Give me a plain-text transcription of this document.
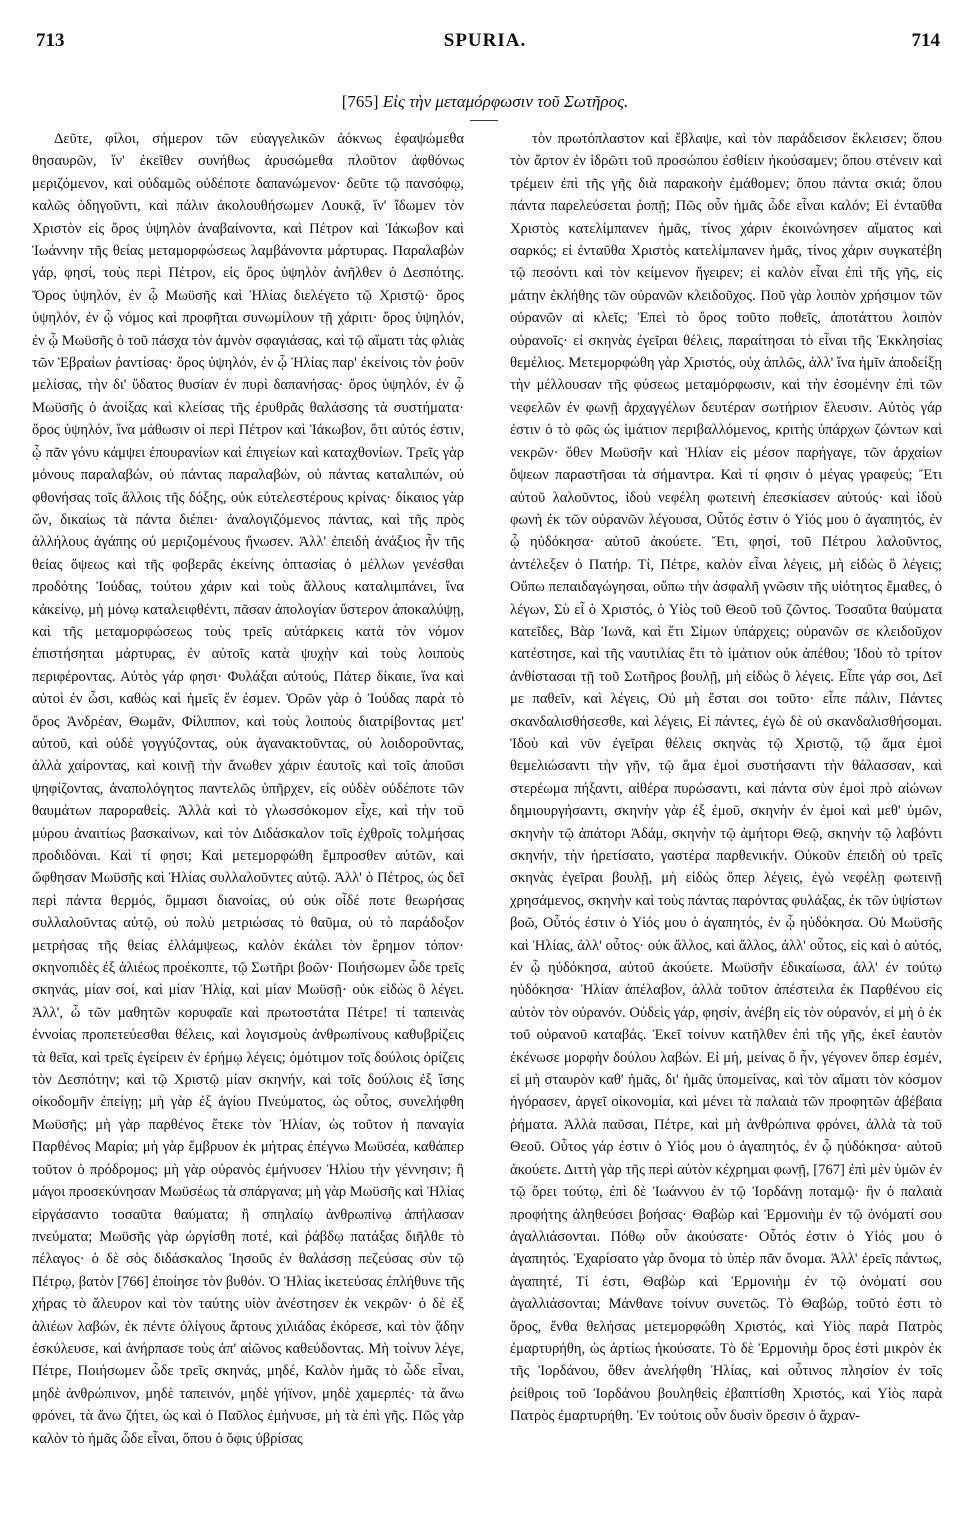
713	SPURIA.	714
[765] Εἰς τὴν μεταμόρφωσιν τοῦ Σωτῆρος.

Δεῦτε, φίλοι, σήμερον τῶν εὐαγγελικῶν ἀόκνως ἐφαψώμεθα θησαυρῶν, ἵν' ἐκεῖθεν συνήθως ἀρυσώμεθα πλοῦτον ἀφθόνως μεριζόμενον, καὶ οὐδαμῶς οὐδέποτε δαπανώμενον· δεῦτε τῷ πανσόφῳ, καλῶς ὁδηγοῦντι, καὶ πάλιν ἀκολουθήσωμεν Λουκᾷ, ἵν' ἴδωμεν τὸν Χριστὸν εἰς ὄρος ὑψηλὸν ἀναβαίνοντα, καὶ Πέτρον καὶ Ἰάκωβον καὶ Ἰωάννην τῆς θείας μεταμορφώσεως λαμβάνοντα μάρτυρας. Παραλαβὼν γάρ, φησί, τοὺς περὶ Πέτρον, εἰς ὄρος ὑψηλὸν ἀνῆλθεν ὁ Δεσπότης. Ὄρος ὑψηλόν, ἐν ᾧ Μωϋσῆς καὶ Ἠλίας διελέγετο τῷ Χριστῷ· ὄρος ὑψηλόν, ἐν ᾧ νόμος καὶ προφῆται συνωμίλουν τῇ χάριτι· ὄρος ὑψηλόν, ἐν ᾧ Μωϋσῆς ὁ τοῦ πάσχα τὸν ἀμνὸν σφαγιάσας, καὶ τῷ αἵματι τὰς φλιὰς τῶν Ἑβραίων ῥαντίσας· ὄρος ὑψηλόν, ἐν ᾧ Ἠλίας παρ' ἐκείνοις τὸν ῥοῦν μελίσας, τὴν δι' ὕδατος θυσίαν ἐν πυρὶ δαπανήσας· ὄρος ὑψηλόν, ἐν ᾧ Μωϋσῆς ὁ ἀνοίξας καὶ κλείσας τῆς ἐρυθρᾶς θαλάσσης τὰ συστήματα· ὄρος ὑψηλόν, ἵνα μάθωσιν οἱ περὶ Πέτρον καὶ Ἰάκωβον, ὅτι αὐτός ἐστιν, ᾧ πᾶν γόνυ κάμψει ἐπουρανίων καὶ ἐπιγείων καὶ καταχθονίων. Τρεῖς γὰρ μόνους παραλαβών, οὐ πάντας παραλαβών, οὐ πάντας καταλιπών, οὐ φθονήσας τοῖς ἄλλοις τῆς δόξης, οὐκ εὐτελεστέρους κρίνας· δίκαιος γὰρ ὤν, δικαίως τὰ πάντα διέπει· ἀναλογιζόμενος πάντας, καὶ τῆς πρὸς ἀλλήλους ἀγάπης οὐ μεριζομένους ἤνωσεν. Ἀλλ' ἐπειδὴ ἀνάξιος ἦν τῆς θείας ὄψεως καὶ τῆς φοβερᾶς ἐκείνης ὀπτασίας ὁ μέλλων γενέσθαι προδότης Ἰούδας, τούτου χάριν καὶ τοὺς ἄλλους καταλιμπάνει, ἵνα κἀκείνῳ, μὴ μόνῳ καταλειφθέντι, πᾶσαν ἀπολογίαν ὕστερον ἀποκαλύψῃ, καὶ τῆς μεταμορφώσεως τοὺς τρεῖς αὐτάρκεις κατὰ τὸν νόμον ἐπιστήσηται μάρτυρας, ἐν αὐτοῖς κατὰ ψυχὴν καὶ τοὺς λοιποὺς περιφέροντας. Αὐτὸς γάρ φησι· Φυλάξαι αὐτούς, Πάτερ δίκαιε, ἵνα καὶ αὐτοὶ ἐν ὦσι, καθὼς καὶ ἡμεῖς ἕν ἐσμεν. Ὁρῶν γὰρ ὁ Ἰούδας παρὰ τὸ ὄρος Ἀνδρέαν, Θωμᾶν, Φίλιππον, καὶ τοὺς λοιποὺς διατρίβοντας μετ' αὐτοῦ, καὶ οὐδὲ γογγύζοντας, οὐκ ἀγανακτοῦντας, οὐ λοιδοροῦντας, ἀλλὰ χαίροντας, καὶ κοινῇ τὴν ἄνωθεν χάριν ἑαυτοῖς καὶ τοῖς ἀποῦσι ψηφίζοντας, ἀναπολόγητος παντελῶς ὑπῆρχεν, εἰς οὐδὲν οὐδέποτε τῶν θαυμάτων παροραθείς. Ἀλλὰ καὶ τὸ γλωσσόκομον εἶχε, καὶ τὴν τοῦ μύρου ἀναιτίως βασκαίνων, καὶ τὸν Διδάσκαλον τοῖς ἐχθροῖς τολμήσας προδιδόναι. Καὶ τί φησι; Καὶ μετεμορφώθη ἔμπροσθεν αὐτῶν, καὶ ὤφθησαν Μωϋσῆς καὶ Ἠλίας συλλαλοῦντες αὐτῷ. Ἀλλ' ὁ Πέτρος, ὡς δεῖ περὶ πάντα θερμός, ὄμμασι διανοίας, οὐ οὐκ οἶδέ ποτε θεωρήσας συλλαλοῦντας αὐτῷ, οὐ πολὺ μετριώσας τὸ θαῦμα, οὐ τὸ παράδοξον μετρήσας τῆς θείας ἐλλάμψεως, καλὸν ἐκάλει τὸν ἔρημον τόπον· σκηνοπιδὲς ἐξ ἁλιέως προέκοπτε, τῷ Σωτῆρι βοῶν· Ποιήσωμεν ὧδε τρεῖς σκηνάς, μίαν σοί, καὶ μίαν Ἠλίᾳ, καὶ μίαν Μωϋσῇ· οὐκ εἰδὼς ὃ λέγει. Ἀλλ', ὦ τῶν μαθητῶν κορυφαῖε καὶ πρωτοστάτα Πέτρε! τί ταπεινὰς ἐννοίας προπετεύεσθαι θέλεις, καὶ λογισμοὺς ἀνθρωπίνους καθυβρίζεις τὰ θεῖα, καὶ τρεῖς ἐγείρειν ἐν ἐρήμῳ λέγεις; ὁμότιμον τοῖς δούλοις ὁρίζεις τὸν Δεσπότην; καὶ τῷ Χριστῷ μίαν σκηνήν, καὶ τοῖς δούλοις ἐξ ἴσης οἰκοδομῆν ἐπείγῃ; μὴ γὰρ ἐξ ἁγίου Πνεύματος, ὡς οὗτος, συνελήφθη Μωϋσῆς; μὴ γὰρ παρθένος ἔτεκε τὸν Ἠλίαν, ὡς τοῦτον ἡ παναγία Παρθένος Μαρία; μὴ γὰρ ἔμβρυον ἐκ μήτρας ἐπέγνω Μωϋσέα, καθάπερ τοῦτον ὁ πρόδρομος; μὴ γὰρ οὐρανὸς ἐμήνυσεν Ἠλίου τὴν γέννησιν; ἢ μάγοι προσεκύνησαν Μωϋσέως τὰ σπάργανα; μὴ γὰρ Μωϋσῆς καὶ Ἠλίας εἰργάσαντο τοσαῦτα θαύματα; ἢ σπηλαίῳ ἀνθρωπίνῳ ἀπήλασαν πνεύματα; Μωϋσῆς γὰρ ὠργίσθη ποτέ, καὶ ῥάβδῳ πατάξας διῆλθε τὸ πέλαγος· ὁ δὲ σὸς διδάσκαλος Ἰησοῦς ἐν θαλάσσῃ πεζεύσας σὺν τῷ Πέτρῳ, βατὸν [766] ἐποίησε τὸν βυθόν. Ὁ Ἠλίας ἱκετεύσας ἐπλήθυνε τῆς χήρας τὸ ἄλευρον καὶ τὸν ταύτης υἱὸν ἀνέστησεν ἐκ νεκρῶν· ὁ δὲ ἐξ ἁλιέων λαβών, ἐκ πέντε ὀλίγους ἄρτους χιλιάδας ἐκόρεσε, καὶ τὸν ᾅδην ἐσκύλευσε, καὶ ἀνήρπασε τοὺς ἀπ' αἰῶνος καθεύδοντας. Μὴ τοίνυν λέγε, Πέτρε, Ποιήσωμεν ὧδε τρεῖς σκηνάς, μηδέ, Καλὸν ἡμᾶς τὸ ὧδε εἶναι, μηδὲ ἀνθρώπινον, μηδὲ ταπεινόν, μηδὲ γήϊνον, μηδὲ χαμερπές· τὰ ἄνω φρόνει, τὰ ἄνω ζήτει, ὡς καὶ ὁ Παῦλος ἐμήνυσε, μὴ τὰ ἐπὶ γῆς. Πῶς γὰρ καλὸν τὸ ἡμᾶς ὧδε εἶναι, ὅπου ὁ ὄφις ὑβρίσας

τὸν πρωτόπλαστον καὶ ἔβλαψε, καὶ τὸν παράδεισον ἔκλεισεν; ὅπου τὸν ἄρτον ἐν ἱδρῶτι τοῦ προσώπου ἐσθίειν ἠκούσαμεν; ὅπου στένειν καὶ τρέμειν ἐπὶ τῆς γῆς διὰ παρακοὴν ἐμάθομεν; ὅπου πάντα σκιά; ὅπου πάντα παρελεύσεται ῥοπῇ; Πῶς οὖν ἡμᾶς ὧδε εἶναι καλόν; Εἰ ἐνταῦθα Χριστὸς κατελίμπανεν ἡμᾶς, τίνος χάριν ἐκοινώνησεν αἵματος καὶ σαρκός; εἰ ἐνταῦθα Χριστὸς κατελίμπανεν ἡμᾶς, τίνος χάριν συγκατέβη τῷ πεσόντι καὶ τὸν κείμενον ἤγειρεν; εἰ καλὸν εἶναι ἐπὶ τῆς γῆς, εἰς μάτην ἐκλήθης τῶν οὐρανῶν κλειδοῦχος. Ποῦ γὰρ λοιπὸν χρήσιμον τῶν οὐρανῶν αἱ κλεῖς; Ἐπεὶ τὸ ὄρος τοῦτο ποθεῖς, ἀποτάττου λοιπὸν οὐρανοῖς· εἰ σκηνὰς ἐγεῖραι θέλεις, παραίτησαι τὸ εἶναι τῆς Ἐκκλησίας θεμέλιος. Μετεμορφώθη γὰρ Χριστός, οὐχ ἁπλῶς, ἀλλ' ἵνα ἡμῖν ἀποδείξῃ τὴν μέλλουσαν τῆς φύσεως μεταμόρφωσιν, καὶ τὴν ἐσομένην ἐπὶ τῶν νεφελῶν ἐν φωνῇ ἀρχαγγέλων δευτέραν σωτήριον ἔλευσιν. Αὐτὸς γάρ ἐστιν ὁ τὸ φῶς ὡς ἱμάτιον περιβαλλόμενος, κριτὴς ὑπάρχων ζώντων καὶ νεκρῶν· ὅθεν Μωϋσῆν καὶ Ἠλίαν εἰς μέσον παρήγαγε, τῶν ἀρχαίων ὄψεων παραστῆσαι τὰ σήμαντρα. Καὶ τί φησιν ὁ μέγας γραφεύς; Ἔτι αὐτοῦ λαλοῦντος, ἰδοὺ νεφέλη φωτεινὴ ἐπεσκίασεν αὐτούς· καὶ ἰδοὺ φωνὴ ἐκ τῶν οὐρανῶν λέγουσα, Οὗτός ἐστιν ὁ Υἱός μου ὁ ἀγαπητός, ἐν ᾧ ηὐδόκησα· αὐτοῦ ἀκούετε. Ἔτι, φησί, τοῦ Πέτρου λαλοῦντος, ἀντέλεξεν ὁ Πατήρ. Τί, Πέτρε, καλὸν εἶναι λέγεις, μὴ εἰδὼς ὃ λέγεις; Οὔπω πεπαιδαγώγησαι, οὔπω τὴν ἀσφαλῆ γνῶσιν τῆς υἱότητος ἔμαθες, ὁ λέγων, Σὺ εἶ ὁ Χριστός, ὁ Υἱὸς τοῦ Θεοῦ τοῦ ζῶντος. Τοσαῦτα θαύματα κατεῖδες, Βὰρ Ἰωνᾶ, καὶ ἔτι Σίμων ὑπάρχεις; οὐρανῶν σε κλειδοῦχον κατέστησε, καὶ τῆς ναυτιλίας ἔτι τὸ ἱμάτιον οὐκ ἀπέθου; Ἰδοὺ τὸ τρίτον ἀνθίστασαι τῇ τοῦ Σωτῆρος βουλῇ, μὴ εἰδὼς ὃ λέγεις. Εἶπε γάρ σοι, Δεῖ με παθεῖν, καὶ λέγεις, Οὐ μὴ ἔσται σοι τοῦτο· εἶπε πάλιν, Πάντες σκανδαλισθήσεσθε, καὶ λέγεις, Εἰ πάντες, ἐγὼ δὲ οὐ σκανδαλισθήσομαι. Ἰδοὺ καὶ νῦν ἐγεῖραι θέλεις σκηνὰς τῷ Χριστῷ, τῷ ἅμα ἐμοὶ θεμελιώσαντι τὴν γῆν, τῷ ἅμα ἐμοὶ συστήσαντι τὴν θάλασσαν, καὶ στερέωμα πήξαντι, αἰθέρα πυρώσαντι, καὶ πάντα σὺν ἐμοὶ πρὸ αἰώνων δημιουργήσαντι, σκηνὴν γὰρ ἐξ ἐμοῦ, σκηνὴν ἐν ἐμοὶ καὶ μεθ' ὑμῶν, σκηνὴν τῷ ἀπάτορι Ἀδάμ, σκηνὴν τῷ ἀμήτορι Θεῷ, σκηνὴν τῷ λαβόντι σκηνήν, τὴν ἡρετίσατο, γαστέρα παρθενικήν. Οὐκοῦν ἐπειδὴ οὐ τρεῖς σκηνὰς ἐγεῖραι βουλῇ, μὴ εἰδὼς ὅπερ λέγεις, ἐγὼ νεφέλῃ φωτεινῇ χρησάμενος, σκηνὴν καὶ τοὺς πάντας παρόντας φυλάξας, ἐκ τῶν ὑψίστων βοῶ, Οὗτός ἐστιν ὁ Υἱός μου ὁ ἀγαπητός, ἐν ᾧ ηὐδόκησα. Οὐ Μωϋσῆς καὶ Ἠλίας, ἀλλ' οὗτος· οὐκ ἄλλος, καὶ ἄλλος, ἀλλ' οὗτος, εἰς καὶ ὁ αὐτός, ἐν ᾧ ηὐδόκησα, αὐτοῦ ἀκούετε. Μωϋσῆν ἐδικαίωσα, ἀλλ' ἐν τούτῳ ηὐδόκησα· Ἠλίαν ἀπέλαβον, ἀλλὰ τοῦτον ἀπέστειλα ἐκ Παρθένου εἰς αὐτὸν τὸν οὐρανόν. Οὐδεὶς γάρ, φησίν, ἀνέβη εἰς τὸν οὐρανόν, εἰ μὴ ὁ ἐκ τοῦ οὐρανοῦ καταβάς. Ἐκεῖ τοίνυν κατῆλθεν ἐπὶ τῆς γῆς, ἐκεῖ ἑαυτὸν ἐκένωσε μορφὴν δούλου λαβών. Εἰ μή, μείνας ὅ ἦν, γέγονεν ὅπερ ἐσμέν, εἰ μὴ σταυρὸν καθ' ἡμᾶς, δι' ἡμᾶς ὑπομείνας, καὶ τὸν αἵματι τὸν κόσμον ἠγόρασεν, ἀργεῖ οἰκονομία, καὶ μένει τὰ παλαιὰ τῶν προφητῶν ἀβέβαια ῥήματα. Ἀλλὰ παῦσαι, Πέτρε, καὶ μὴ ἀνθρώπινα φρόνει, ἀλλὰ τὰ τοῦ Θεοῦ. Οὗτος γάρ ἐστιν ὁ Υἱός μου ὁ ἀγαπητός, ἐν ᾧ ηὐδόκησα· αὐτοῦ ἀκούετε. Διττὴ γὰρ τῆς περὶ αὐτὸν κέχρημαι φωνῇ, [767] ἐπὶ μὲν ὑμῶν ἐν τῷ ὄρει τούτῳ, ἐπὶ δὲ Ἰωάννου ἐν τῷ Ἰορδάνῃ ποταμῷ· ἣν ὁ παλαιὰ προφήτης ἀληθεύσει βοήσας· Θαβὼρ καὶ Ἑρμονιὴμ ἐν τῷ ὀνόματί σου ἀγαλλιάσονται. Πόθῳ οὖν ἀκούσατε· Οὗτός ἐστιν ὁ Υἱός μου ὁ ἀγαπητός. Ἐχαρίσατο γὰρ ὄνομα τὸ ὑπὲρ πᾶν ὄνομα. Ἀλλ' ἐρεῖς πάντως, ἀγαπητέ, Τί ἐστι, Θαβὼρ καὶ Ἑρμονιὴμ ἐν τῷ ὀνόματί σου ἀγαλλιάσονται; Μάνθανε τοίνυν συνετῶς. Τὸ Θαβώρ, τοῦτό ἐστι τὸ ὄρος, ἔνθα θελήσας μετεμορφώθη Χριστός, καὶ Υἱὸς παρὰ Πατρὸς ἐμαρτυρήθη, ὡς ἀρτίως ἠκούσατε. Τὸ δὲ Ἑρμονιὴμ ὄρος ἐστὶ μικρὸν ἐκ τῆς Ἰορδάνου, ὅθεν ἀνελήφθη Ἠλίας, καὶ οὗτινος πλησίον ἐν τοῖς ῥείθροις τοῦ Ἰορδάνου βουληθεὶς ἐβαπτίσθη Χριστός, καὶ Υἱὸς παρὰ Πατρὸς ἐμαρτυρήθη. Ἐν τούτοις οὖν δυσὶν ὄρεσιν ὁ ἄχραν-
